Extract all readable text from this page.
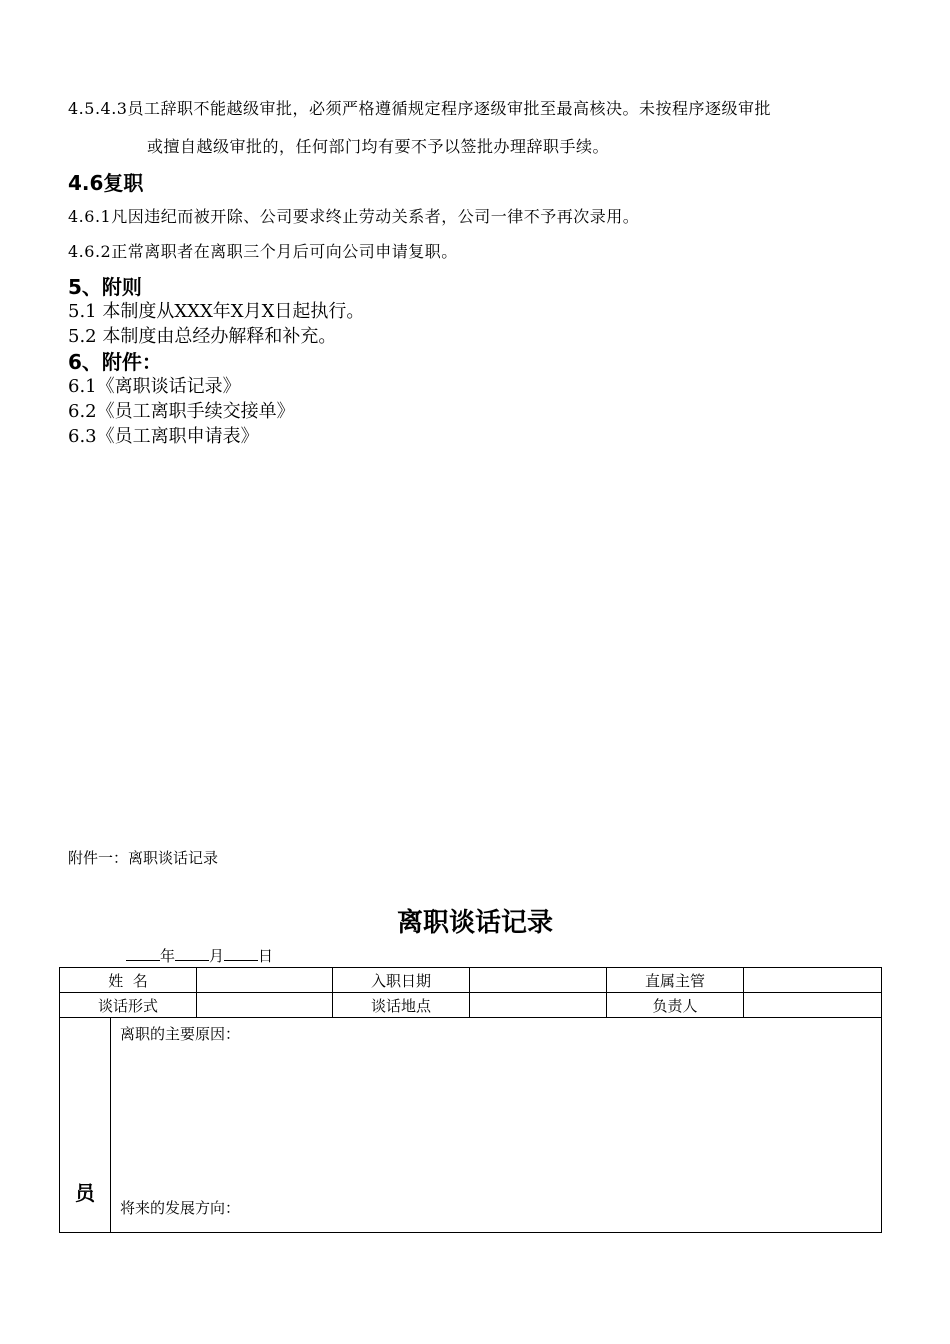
4.5.4.3员工辞职不能越级审批，必须严格遵循规定程序逐级审批至最高核决。未按程序逐级审批
或擅自越级审批的，任何部门均有要不予以签批办理辞职手续。
4.6复职
4.6.1凡因违纪而被开除、公司要求终止劳动关系者，公司一律不予再次录用。
4.6.2正常离职者在离职三个月后可向公司申请复职。
5、附则
5.1 本制度从XXX年X月X日起执行。
5.2 本制度由总经办解释和补充。
6、附件：
6.1《离职谈话记录》
6.2《员工离职手续交接单》
6.3《员工离职申请表》
附件一：离职谈话记录
离职谈话记录
年 月 日
姓  名			入职日期		直属主管	
谈话形式			谈话地点		负责人	

员	离职的主要原因：
将来的发展方向：					
